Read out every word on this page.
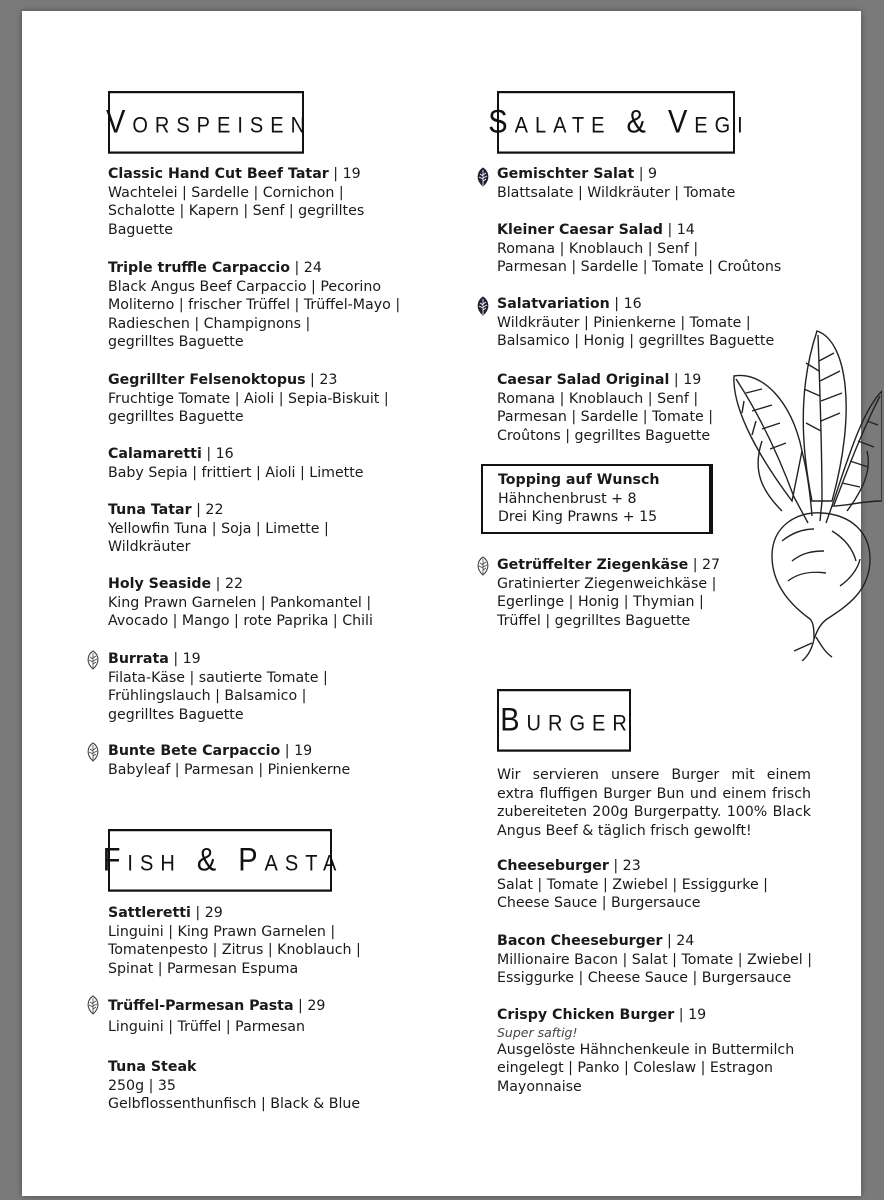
Vorspeisen	Salate & Vegi
Fish & Pasta
Burger
Classic Hand Cut Beef Tatar | 19
Wachtelei | Sardelle | Cornichon |
Schalotte | Kapern | Senf | gegrilltes
Baguette
Triple truffle Carpaccio | 24
Black Angus Beef Carpaccio | Pecorino
Moliterno | frischer Trüffel | Trüffel-Mayo |
Radieschen | Champignons |
gegrilltes Baguette
Gegrillter Felsenoktopus | 23
Fruchtige Tomate | Aioli | Sepia-Biskuit |
gegrilltes Baguette
Calamaretti | 16
Baby Sepia | frittiert | Aioli | Limette
Tuna Tatar | 22
Yellowfin Tuna | Soja | Limette |
Wildkräuter
Holy Seaside | 22
King Prawn Garnelen | Pankomantel |
Avocado | Mango | rote Paprika | Chili
Burrata | 19
Filata-Käse | sautierte Tomate |
Frühlingslauch | Balsamico |
gegrilltes Baguette
Bunte Bete Carpaccio | 19
Babyleaf | Parmesan | Pinienkerne
Sattleretti | 29
Linguini | King Prawn Garnelen |
Tomatenpesto | Zitrus | Knoblauch |
Spinat | Parmesan Espuma
Trüffel-Parmesan Pasta | 29
Linguini | Trüffel | Parmesan
Tuna Steak
250g | 35
Gelbflossenthunfisch | Black & Blue
Gemischter Salat | 9
Blattsalate | Wildkräuter | Tomate
Kleiner Caesar Salad | 14
Romana | Knoblauch | Senf |
Parmesan | Sardelle | Tomate | Croûtons
Salatvariation | 16
Wildkräuter | Pinienkerne | Tomate |
Balsamico | Honig | gegrilltes Baguette
Caesar Salad Original | 19
Romana | Knoblauch | Senf |
Parmesan | Sardelle | Tomate |
Croûtons | gegrilltes Baguette
Topping auf Wunsch
Hähnchenbrust + 8
Drei King Prawns + 15
Getrüffelter Ziegenkäse | 27
Gratinierter Ziegenweichkäse |
Egerlinge | Honig | Thymian |
Trüffel | gegrilltes Baguette
Wir servieren unsere Burger mit einem extra fluffigen Burger Bun und einem frisch zubereiteten 200g Burgerpatty. 100% Black Angus Beef & täglich frisch gewolft!
Cheeseburger | 23
Salat | Tomate | Zwiebel | Essiggurke |
Cheese Sauce | Burgersauce
Bacon Cheeseburger | 24
Millionaire Bacon | Salat | Tomate | Zwiebel |
Essiggurke | Cheese Sauce | Burgersauce
Crispy Chicken Burger | 19
Super saftig!
Ausgelöste Hähnchenkeule in Buttermilch
eingelegt | Panko | Coleslaw | Estragon
Mayonnaise
